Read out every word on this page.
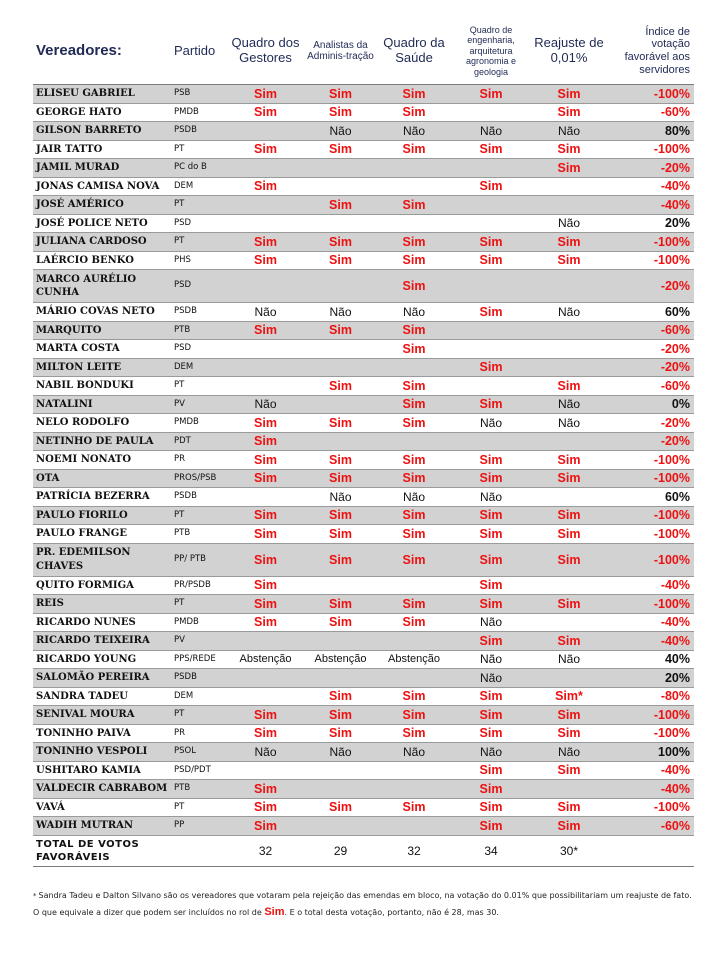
Vereadores:	Partido	Quadro dos Gestores	Analistas da Adminis-tração	Quadro da Saúde	Quadro de engenharia, arquitetura agronomia e geologia	Reajuste de 0,01%	Índice de votação favorável aos servidores
ELISEU GABRIEL	PSB	Sim	Sim	Sim	Sim	Sim	-100%
GEORGE HATO	PMDB	Sim	Sim	Sim		Sim	-60%
GILSON BARRETO	PSDB		Não	Não	Não	Não	80%
JAIR TATTO	PT	Sim	Sim	Sim	Sim	Sim	-100%
JAMIL MURAD	PC do B					Sim	-20%
JONAS CAMISA NOVA	DEM	Sim			Sim		-40%
JOSÉ AMÉRICO	PT		Sim	Sim			-40%
JOSÉ POLICE NETO	PSD					Não	20%
JULIANA CARDOSO	PT	Sim	Sim	Sim	Sim	Sim	-100%
LAÉRCIO BENKO	PHS	Sim	Sim	Sim	Sim	Sim	-100%
MARCO AURÉLIO CUNHA	PSD			Sim			-20%
MÁRIO COVAS NETO	PSDB	Não	Não	Não	Sim	Não	60%
MARQUITO	PTB	Sim	Sim	Sim			-60%
MARTA COSTA	PSD			Sim			-20%
MILTON LEITE	DEM				Sim		-20%
NABIL BONDUKI	PT		Sim	Sim		Sim	-60%
NATALINI	PV	Não		Sim	Sim	Não	0%
NELO RODOLFO	PMDB	Sim	Sim	Sim	Não	Não	-20%
NETINHO DE PAULA	PDT	Sim					-20%
NOEMI NONATO	PR	Sim	Sim	Sim	Sim	Sim	-100%
OTA	PROS/PSB	Sim	Sim	Sim	Sim	Sim	-100%
PATRÍCIA BEZERRA	PSDB		Não	Não	Não		60%
PAULO FIORILO	PT	Sim	Sim	Sim	Sim	Sim	-100%
PAULO FRANGE	PTB	Sim	Sim	Sim	Sim	Sim	-100%
PR. EDEMILSON CHAVES	PP/ PTB	Sim	Sim	Sim	Sim	Sim	-100%
QUITO FORMIGA	PR/PSDB	Sim			Sim		-40%
REIS	PT	Sim	Sim	Sim	Sim	Sim	-100%
RICARDO NUNES	PMDB	Sim	Sim	Sim	Não		-40%
RICARDO TEIXEIRA	PV				Sim	Sim	-40%
RICARDO YOUNG	PPS/REDE	Abstenção	Abstenção	Abstenção	Não	Não	40%
SALOMÃO PEREIRA	PSDB				Não		20%
SANDRA TADEU	DEM		Sim	Sim	Sim	Sim*	-80%
SENIVAL MOURA	PT	Sim	Sim	Sim	Sim	Sim	-100%
TONINHO PAIVA	PR	Sim	Sim	Sim	Sim	Sim	-100%
TONINHO VESPOLI	PSOL	Não	Não	Não	Não	Não	100%
USHITARO KAMIA	PSD/PDT				Sim	Sim	-40%
VALDECIR CABRABOM	PTB	Sim			Sim		-40%
VAVÁ	PT	Sim	Sim	Sim	Sim	Sim	-100%
WADIH MUTRAN	PP	Sim			Sim	Sim	-60%
TOTAL DE VOTOS FAVORÁVEIS		32	29	32	34	30*	
* Sandra Tadeu e Dalton Silvano são os vereadores que votaram pela rejeição das emendas em bloco, na votação do 0.01% que possibilitariam um reajuste de fato. O que equivale a dizer que podem ser incluídos no rol de Sim. E o total desta votação, portanto, não é 28, mas 30.
